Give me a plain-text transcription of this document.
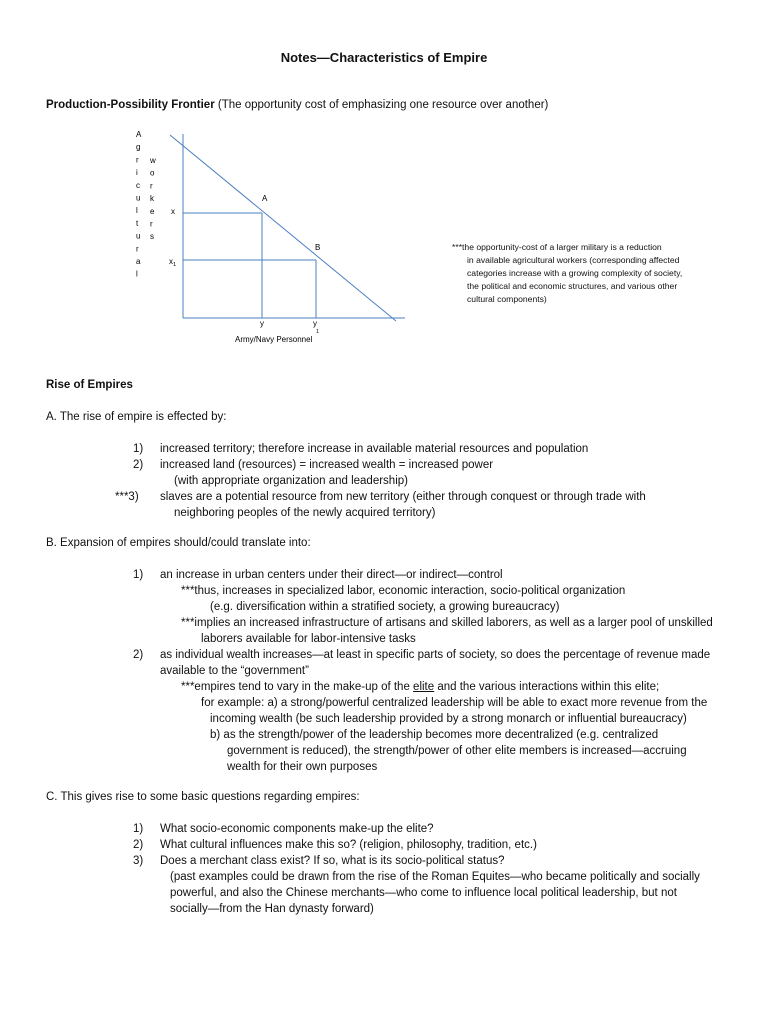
Notes—Characteristics of Empire
Production-Possibility Frontier (The opportunity cost of emphasizing one resource over another)
A
g
r
i
c
u
l
t
u
r
a
l
w
o
r
k
e
r
s
A
B
x
$x_1$
y	y
1
Army/Navy Personnel
***the opportunity-cost of a larger military is a reduction
in available agricultural workers (corresponding affected
categories increase with a growing complexity of society,
the political and economic structures, and various other
cultural components)
Rise of Empires
A. The rise of empire is effected by:
1) increased territory; therefore increase in available material resources and population
2) increased land (resources) = increased wealth = increased power
(with appropriate organization and leadership)
***3) slaves are a potential resource from new territory (either through conquest or through trade with
neighboring peoples of the newly acquired territory)
B. Expansion of empires should/could translate into:
1) an increase in urban centers under their direct—or indirect—control
***thus, increases in specialized labor, economic interaction, socio-political organization
(e.g. diversification within a stratified society, a growing bureaucracy)
***implies an increased infrastructure of artisans and skilled laborers, as well as a larger pool of unskilled
laborers available for labor-intensive tasks
2) as individual wealth increases—at least in specific parts of society, so does the percentage of revenue made
available to the “government”
***empires tend to vary in the make-up of the elite and the various interactions within this elite;
for example: a) a strong/powerful centralized leadership will be able to exact more revenue from the
incoming wealth (be such leadership provided by a strong monarch or influential bureaucracy)
b) as the strength/power of the leadership becomes more decentralized (e.g. centralized
government is reduced), the strength/power of other elite members is increased—accruing
wealth for their own purposes
C. This gives rise to some basic questions regarding empires:
1) What socio-economic components make-up the elite?
2) What cultural influences make this so? (religion, philosophy, tradition, etc.)
3) Does a merchant class exist? If so, what is its socio-political status?
(past examples could be drawn from the rise of the Roman Equites—who became politically and socially
powerful, and also the Chinese merchants—who come to influence local political leadership, but not
socially—from the Han dynasty forward)
